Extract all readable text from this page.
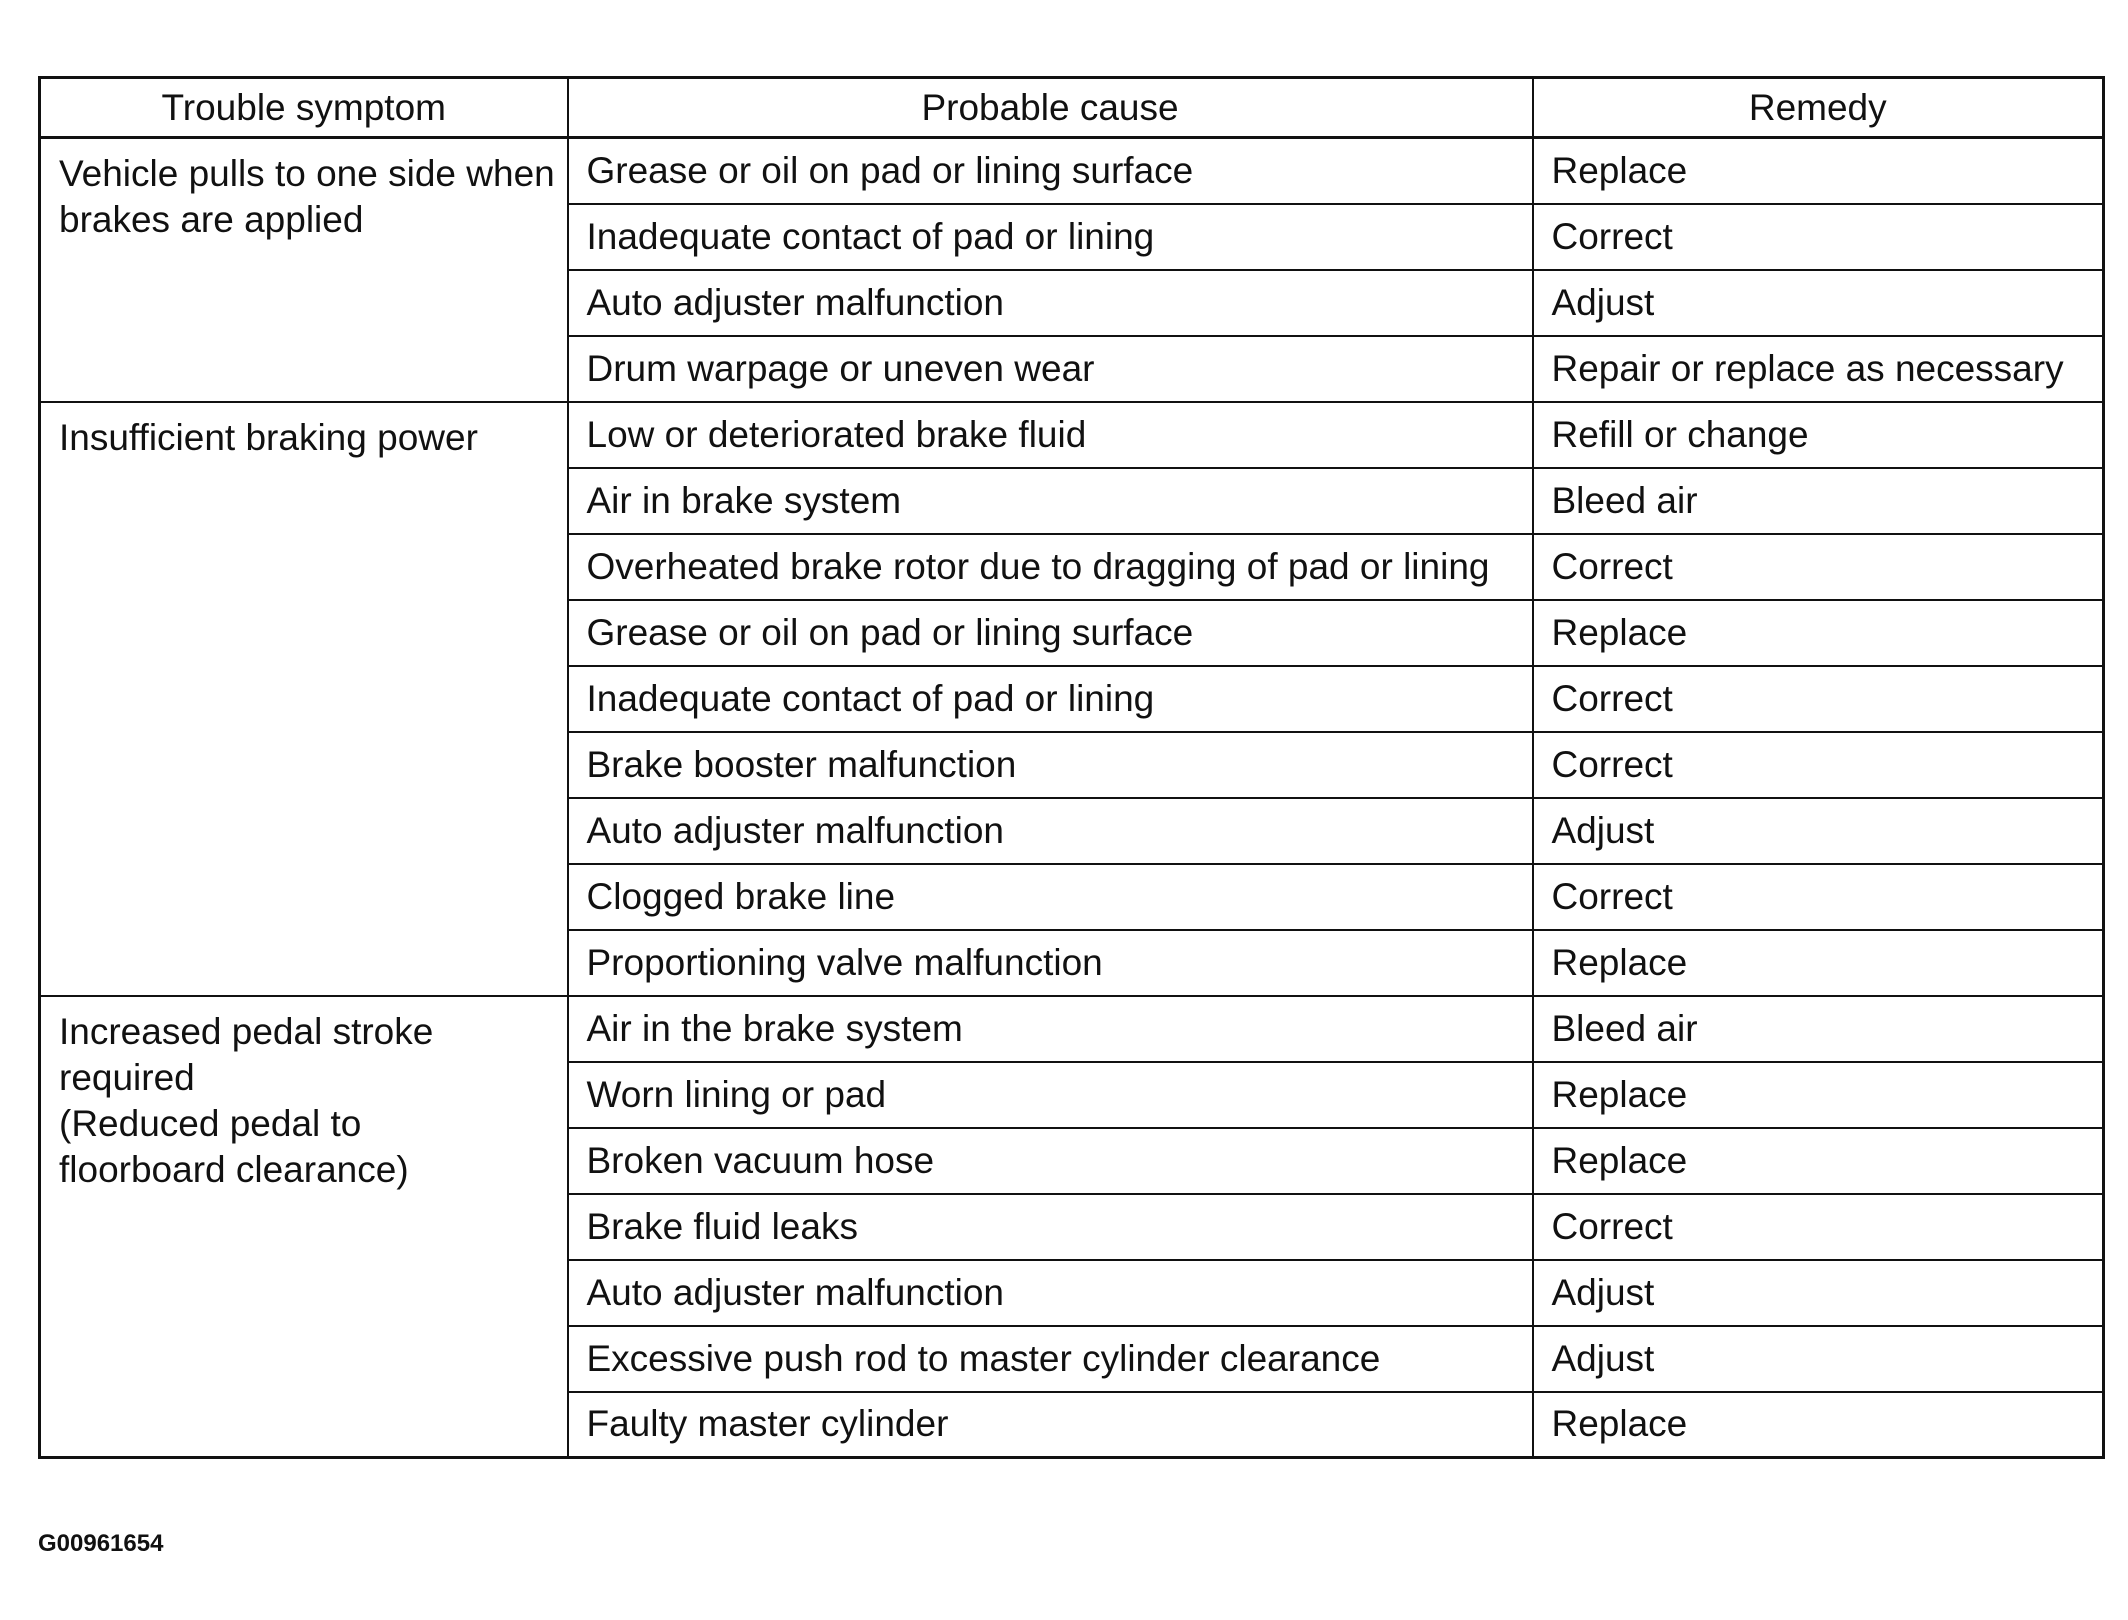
Trouble symptom	Probable cause	Remedy
Vehicle pulls to one side when brakes are applied	Grease or oil on pad or lining surface	Replace
	Inadequate contact of pad or lining	Correct
	Auto adjuster malfunction	Adjust
	Drum warpage or uneven wear	Repair or replace as necessary
Insufficient braking power	Low or deteriorated brake fluid	Refill or change
	Air in brake system	Bleed air
	Overheated brake rotor due to dragging of pad or lining	Correct
	Grease or oil on pad or lining surface	Replace
	Inadequate contact of pad or lining	Correct
	Brake booster malfunction	Correct
	Auto adjuster malfunction	Adjust
	Clogged brake line	Correct
	Proportioning valve malfunction	Replace

Increased pedal stroke
required
(Reduced pedal to
floorboard clearance)	Air in the brake system	Bleed air
	Worn lining or pad	Replace
	Broken vacuum hose	Replace
	Brake fluid leaks	Correct
	Auto adjuster malfunction	Adjust
	Excessive push rod to master cylinder clearance	Adjust
	Faulty master cylinder	Replace
G00961654
